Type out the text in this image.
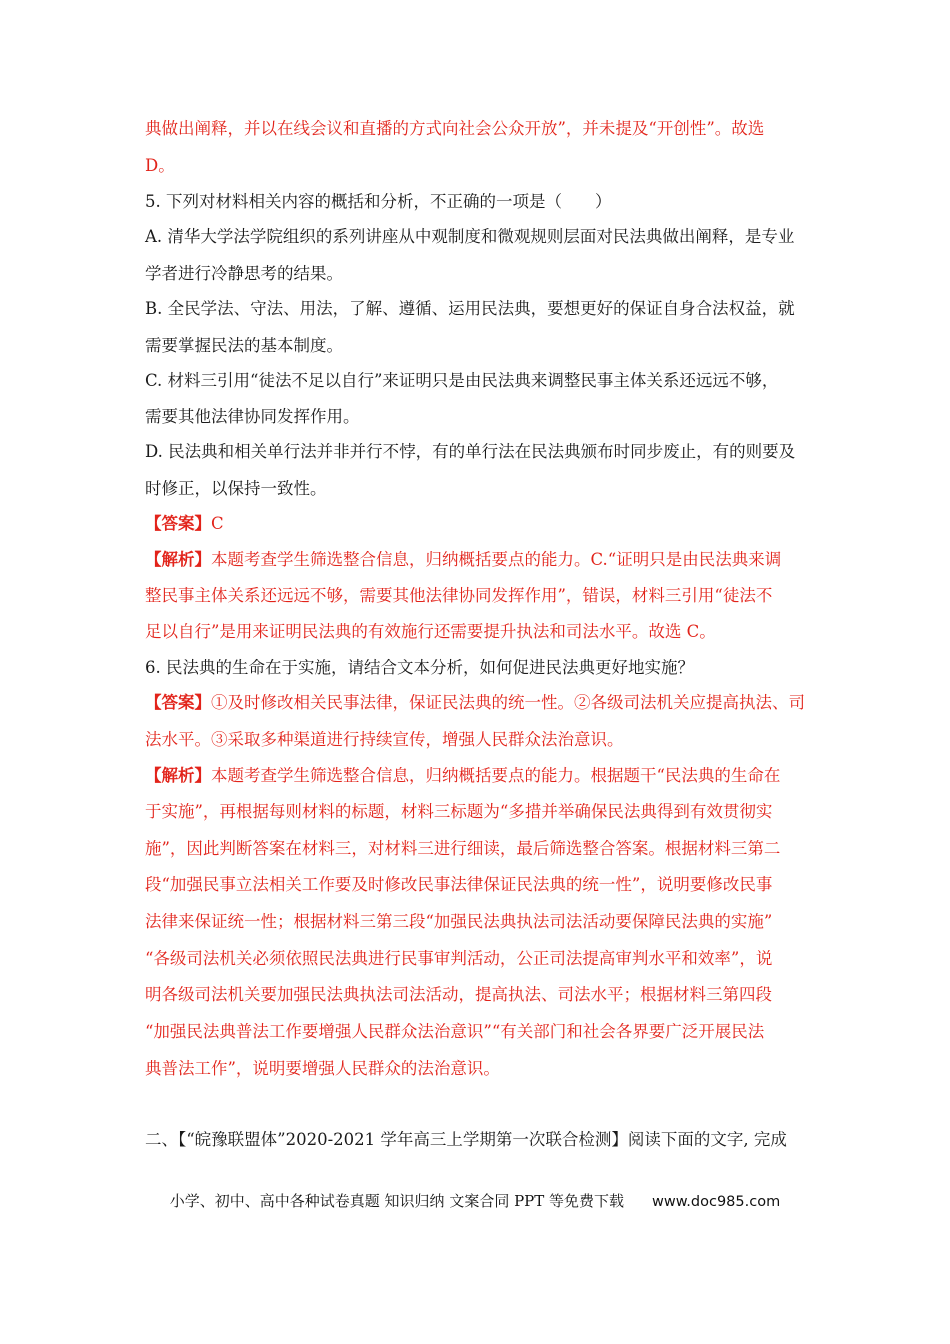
典做出阐释，并以在线会议和直播的方式向社会公众开放”，并未提及“开创性”。故选
D。
5. 下列对材料相关内容的概括和分析，不正确的一项是（　　）
A. 清华大学法学院组织的系列讲座从中观制度和微观规则层面对民法典做出阐释，是专业
学者进行冷静思考的结果。
B. 全民学法、守法、用法，了解、遵循、运用民法典，要想更好的保证自身合法权益，就
需要掌握民法的基本制度。
C. 材料三引用“徒法不足以自行”来证明只是由民法典来调整民事主体关系还远远不够，
需要其他法律协同发挥作用。
D. 民法典和相关单行法并非并行不悖，有的单行法在民法典颁布时同步废止，有的则要及
时修正，以保持一致性。
【答案】C
【解析】本题考查学生筛选整合信息，归纳概括要点的能力。C.“证明只是由民法典来调
整民事主体关系还远远不够，需要其他法律协同发挥作用”，错误，材料三引用“徒法不
足以自行”是用来证明民法典的有效施行还需要提升执法和司法水平。故选 C。
6. 民法典的生命在于实施，请结合文本分析，如何促进民法典更好地实施？
【答案】①及时修改相关民事法律，保证民法典的统一性。②各级司法机关应提高执法、司
法水平。③采取多种渠道进行持续宣传，增强人民群众法治意识。
【解析】本题考查学生筛选整合信息，归纳概括要点的能力。根据题干“民法典的生命在
于实施”，再根据每则材料的标题，材料三标题为“多措并举确保民法典得到有效贯彻实
施”，因此判断答案在材料三，对材料三进行细读，最后筛选整合答案。根据材料三第二
段“加强民事立法相关工作要及时修改民事法律保证民法典的统一性”，说明要修改民事
法律来保证统一性；根据材料三第三段“加强民法典执法司法活动要保障民法典的实施”
“各级司法机关必须依照民法典进行民事审判活动，公正司法提高审判水平和效率”，说
明各级司法机关要加强民法典执法司法活动，提高执法、司法水平；根据材料三第四段
“加强民法典普法工作要增强人民群众法治意识”“有关部门和社会各界要广泛开展民法
典普法工作”，说明要增强人民群众的法治意识。
二、【“皖豫联盟体”2020-2021 学年高三上学期第一次联合检测】阅读下面的文字, 完成
小学、初中、高中各种试卷真题 知识归纳 文案合同 PPT 等免费下载 www.doc985.com
